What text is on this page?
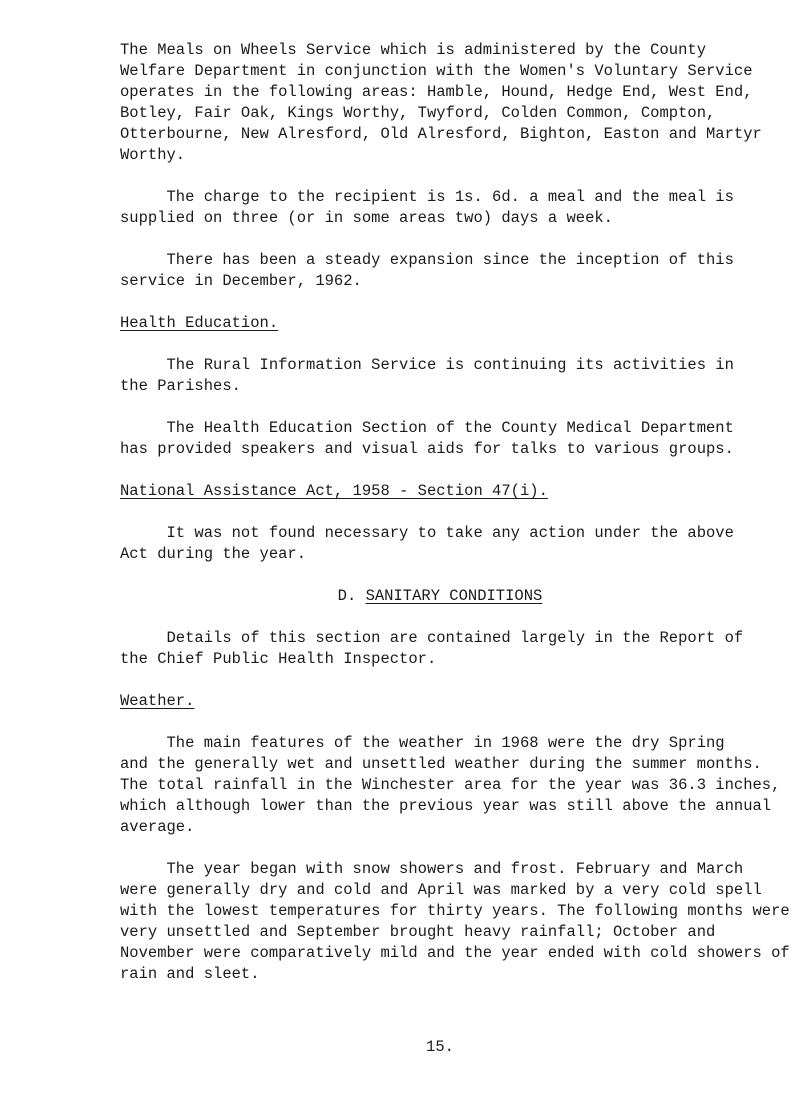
The Meals on Wheels Service which is administered by the County
Welfare Department in conjunction with the Women's Voluntary Service
operates in the following areas: Hamble, Hound, Hedge End, West End,
Botley, Fair Oak, Kings Worthy, Twyford, Colden Common, Compton,
Otterbourne, New Alresford, Old Alresford, Bighton, Easton and Martyr
Worthy.
The charge to the recipient is 1s. 6d. a meal and the meal is
supplied on three (or in some areas two) days a week.
There has been a steady expansion since the inception of this
service in December, 1962.
Health Education.
The Rural Information Service is continuing its activities in
the Parishes.
The Health Education Section of the County Medical Department
has provided speakers and visual aids for talks to various groups.
National Assistance Act, 1958 - Section 47(i).
It was not found necessary to take any action under the above
Act during the year.
D. SANITARY CONDITIONS
Details of this section are contained largely in the Report of
the Chief Public Health Inspector.
Weather.
The main features of the weather in 1968 were the dry Spring
and the generally wet and unsettled weather during the summer months.
The total rainfall in the Winchester area for the year was 36.3 inches,
which although lower than the previous year was still above the annual
average.
The year began with snow showers and frost. February and March
were generally dry and cold and April was marked by a very cold spell
with the lowest temperatures for thirty years. The following months were
very unsettled and September brought heavy rainfall; October and
November were comparatively mild and the year ended with cold showers of
rain and sleet.
15.
